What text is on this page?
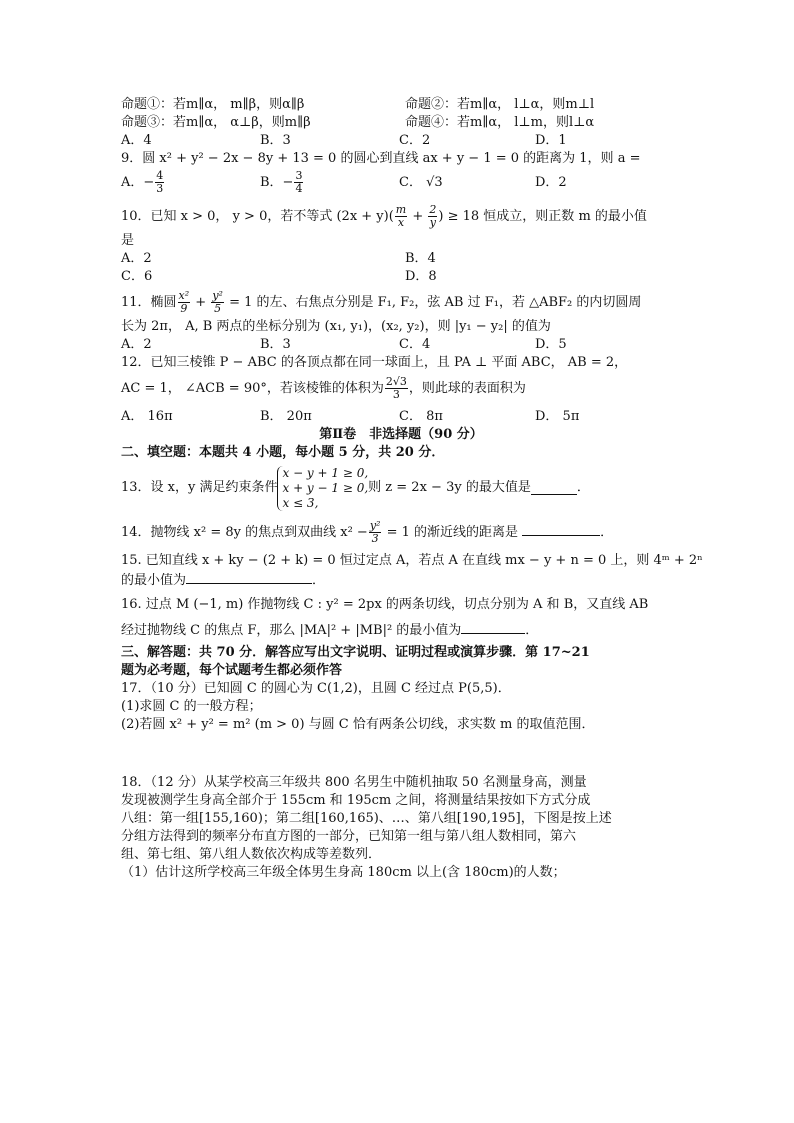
命题①：若m∥α， m∥β，则α∥β	命题②：若m∥α， l⊥α，则m⊥l
命题③：若m∥α， α⊥β，则m∥β	命题④：若m∥α， l⊥m，则l⊥α
A．4	B．3	C．2	D．1
9．圆 x² + y² − 2x − 8y + 13 = 0 的圆心到直线 ax + y − 1 = 0 的距离为 1，则 a =
A．− $\frac{4}{3}$	B．− $\frac{3}{4}$	C． √3	D．2
10．已知 x > 0， y > 0，若不等式 $(2x + y)( \frac{m}{x} + \frac{2}{y}$ ) ≥ 18 恒成立，则正数 m 的最小值
是
A．2	B．4
C．6	D．8
11．椭圆 $\frac{\text{x²}}{9} + \frac{\text{y²}}{5} = 1$ 的左、右焦点分别是 F₁, F₂，弦 AB 过 F₁，若 △ABF₂ 的内切圆周
长为 2π， A, B 两点的坐标分别为 (x₁, y₁)，(x₂, y₂)，则 |y₁ − y₂| 的值为
A．2	B．3	C．4	D．5
12．已知三棱锥 P − ABC 的各顶点都在同一球面上，且 PA ⊥ 平面 ABC， AB = 2，
AC = 1， ∠ACB = 90°，若该棱锥的体积为 $\frac{2√3}{3}$ ，则此球的表面积为
A． 16π	B． 20π	C． 8π	D． 5π
第Ⅱ卷　非选择题（90 分）
二、填空题：本题共 4 小题，每小题 5 分，共 20 分．
13．设 x，y 满足约束条件
x − y + 1 ≥ 0,
x + y − 1 ≥ 0,
x ≤ 3,
则 z = 2x − 3y 的最大值是	．
14．抛物线 x² = 8y 的焦点到双曲线 $x^2 - \frac{\text{y²}}{3} = 1$ 的渐近线的距离是	．
15. 已知直线 x + ky − (2 + k) = 0 恒过定点 A，若点 A 在直线 mx − y + n = 0 上，则 4ᵐ + 2ⁿ
的最小值为	．
16. 过点 M (−1, m) 作抛物线 C : y² = 2px 的两条切线，切点分别为 A 和 B，又直线 AB
经过抛物线 C 的焦点 F，那么 |MA|² + |MB|² 的最小值为	．
三、解答题：共 70 分．解答应写出文字说明、证明过程或演算步骤．第 17~21
题为必考题，每个试题考生都必须作答
17．（10 分）已知圆 C 的圆心为 C(1,2)，且圆 C 经过点 P(5,5)．
(1)求圆 C 的一般方程；
(2)若圆 x² + y² = m² (m > 0) 与圆 C 恰有两条公切线，求实数 m 的取值范围．
18．（12 分）从某学校高三年级共 800 名男生中随机抽取 50 名测量身高，测量
发现被测学生身高全部介于 155cm 和 195cm 之间，将测量结果按如下方式分成
八组：第一组[155,160)；第二组[160,165)、…、第八组[190,195]，下图是按上述
分组方法得到的频率分布直方图的一部分，已知第一组与第八组人数相同，第六
组、第七组、第八组人数依次构成等差数列．
（1）估计这所学校高三年级全体男生身高 180cm 以上(含 180cm)的人数；
